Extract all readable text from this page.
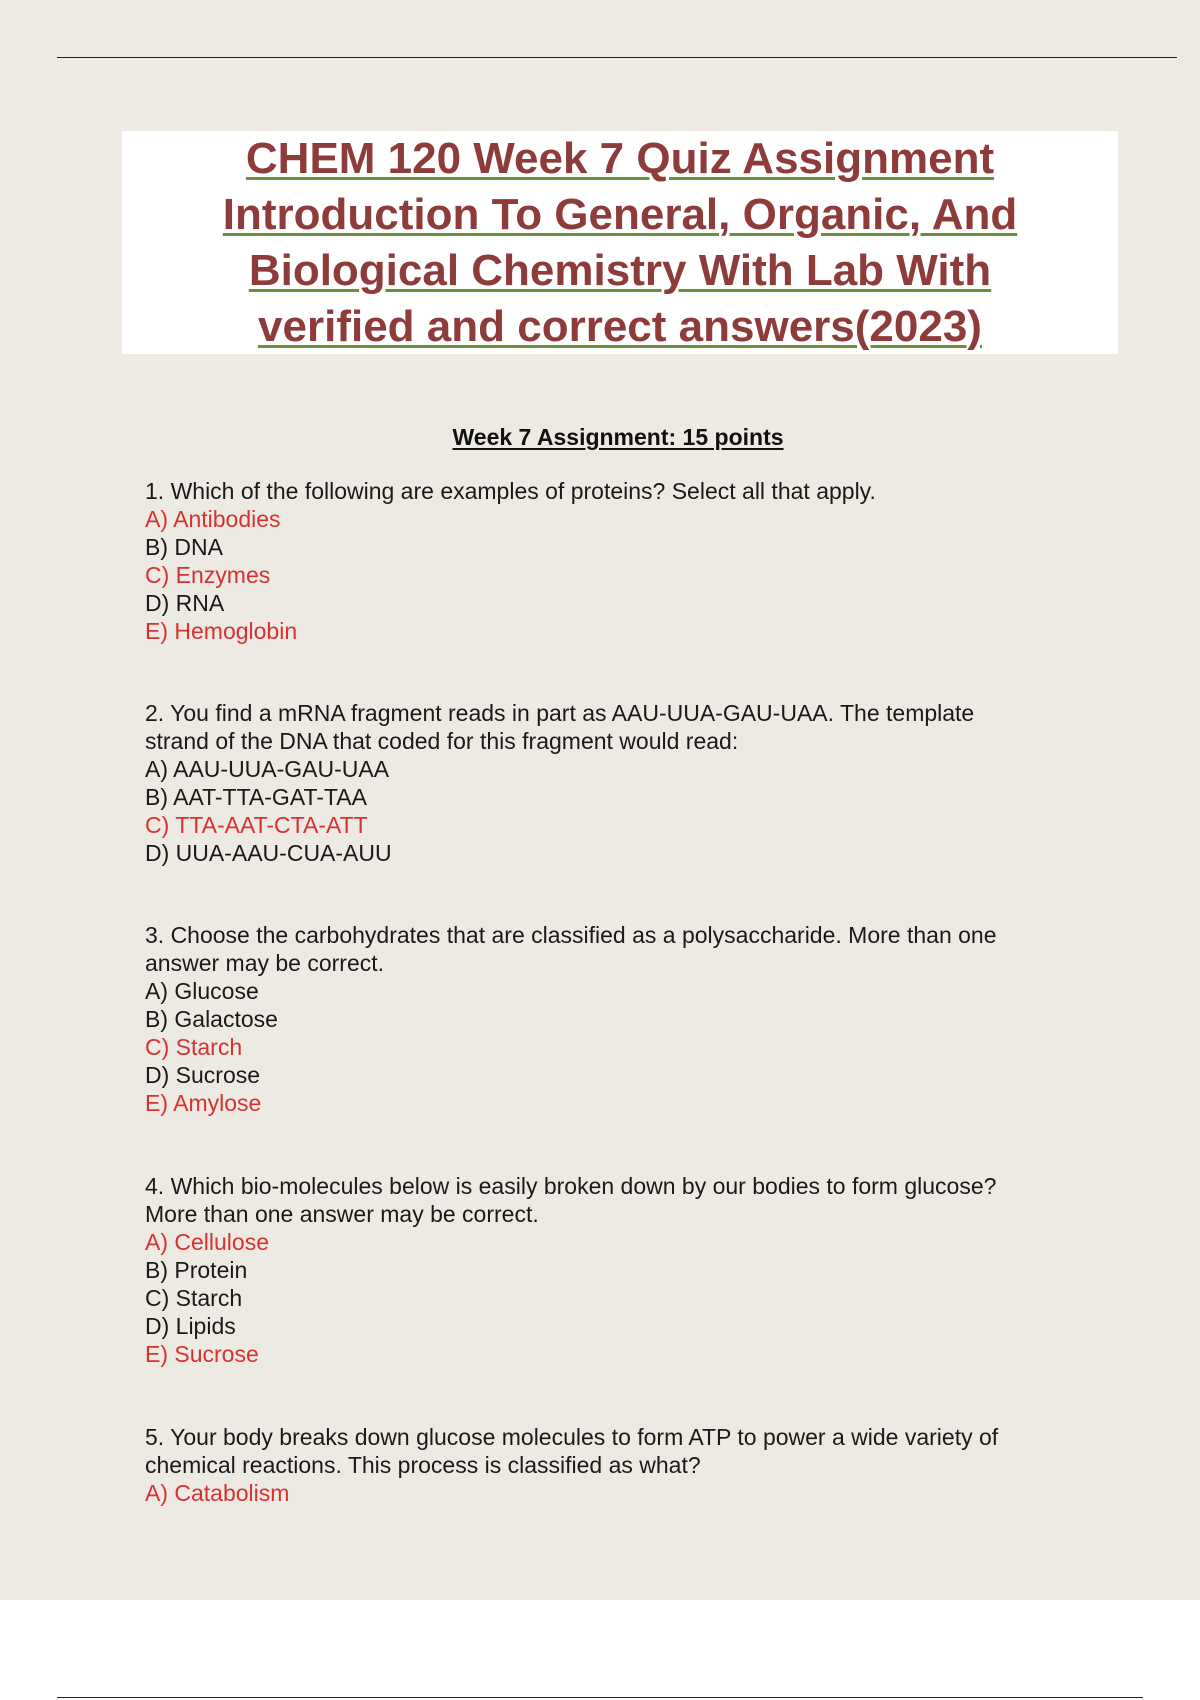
CHEM 120 Week 7 Quiz Assignment
Introduction To General, Organic, And
Biological Chemistry With Lab With
verified and correct answers(2023)
Week 7 Assignment: 15 points
1. Which of the following are examples of proteins? Select all that apply.
A) Antibodies
B) DNA
C) Enzymes
D) RNA
E) Hemoglobin
2. You find a mRNA fragment reads in part as AAU-UUA-GAU-UAA. The template
strand of the DNA that coded for this fragment would read:
A) AAU-UUA-GAU-UAA
B) AAT-TTA-GAT-TAA
C) TTA-AAT-CTA-ATT
D) UUA-AAU-CUA-AUU
3. Choose the carbohydrates that are classified as a polysaccharide. More than one
answer may be correct.
A) Glucose
B) Galactose
C) Starch
D) Sucrose
E) Amylose
4. Which bio-molecules below is easily broken down by our bodies to form glucose?
More than one answer may be correct.
A) Cellulose
B) Protein
C) Starch
D) Lipids
E) Sucrose
5. Your body breaks down glucose molecules to form ATP to power a wide variety of
chemical reactions. This process is classified as what?
A) Catabolism
